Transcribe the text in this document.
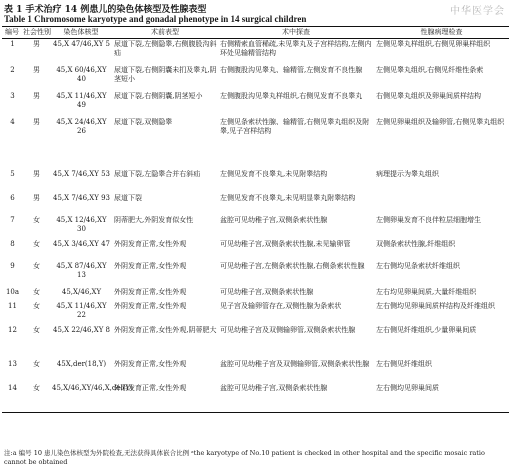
表 1 手术治疗 14 例患儿的染色体核型及性腺表型
Table 1 Chromosome karyotype and gonadal phenotype in 14 surgical children
中华医学会
编号	社会性别	染色体核型	术前表型	术中探查	性腺病理检查
1	男	45,X 47/46,XY 5	尿道下裂,左侧隐睾,右侧腹股沟斜疝	右侧精索血管稀疏,未见睾丸及子宫样结构,左侧内环处见输精管结构	左侧见睾丸样组织,右侧见卵巢样组织
2	男	45,X 60/46,XY 40	尿道下裂,右侧阴囊未扪及睾丸,阴茎短小	右侧腹股沟见睾丸、输精管,左侧发育不良性腺	左侧见睾丸组织,右侧见纤维性条索
3	男	45,X 11/46,XY 49	尿道下裂,右侧阴囊,阴茎短小	左侧腹股沟见睾丸样组织,右侧见发育不良睾丸	右侧见睾丸组织及卵巢间质样结构
4	男	45,X 24/46,XY 26	尿道下裂,双侧隐睾	左侧见条索状性腺、输精管,右侧见睾丸组织及附睾,见子宫样结构	左侧见卵巢组织及输卵管,右侧见睾丸组织
5	男	45,X 7/46,XY 53	尿道下裂,左隐睾合并右斜疝	左侧见发育不良睾丸,未见附睾结构	病理提示为睾丸组织
6	男	45,X 7/46,XY 93	尿道下裂	左侧见发育不良睾丸,未见明显睾丸附睾结构	
7	女	45,X 12/46,XY 30	阴蒂肥大,外阴发育似女性	盆腔可见幼稚子宫,双侧条索状性腺	左侧卵巢发育不良伴粒层细胞增生
8	女	45,X 3/46,XY 47	外阴发育正常,女性外观	可见幼稚子宫,双侧条索状性腺,未见输卵管	双侧条索状性腺,纤维组织
9	女	45,X 87/46,XY 13	外阴发育正常,女性外观	可见幼稚子宫,左侧条索状性腺,右侧条索状性腺	左右侧均见条索状纤维组织
10a	女	45,X/46,XY	外阴发育正常,女性外观	可见幼稚子宫,双侧条索状性腺	左右均见卵巢间质,大量纤维组织
11	女	45,X 11/46,XY 22	外阴发育正常,女性外观	见子宫及输卵管存在,双侧性腺为条索状	左右侧均见卵巢间质样结构及纤维组织
12	女	45,X 22/46,XY 8	外阴发育正常,女性外观,阴蒂肥大	可见幼稚子宫及双侧输卵管,双侧条索状性腺	左右侧见纤维组织,少量卵巢间质
13	女	45X,der(18,Y)	外阴发育正常,女性外观	盆腔可见幼稚子宫及双侧输卵管,双侧条索状性腺	左右侧见纤维组织
14	女	45,X/46,XY/46,X,del(Y)	外阴发育正常,女性外观	盆腔可见幼稚子宫,双侧条索状性腺	左右侧均见卵巢间质
注:a 编号 10 患儿染色体核型为外院检查,无法获得具体嵌合比例 ᵃthe karyotype of No.10 patient is checked in other hospital and the specific mosaic ratio cannot be obtained
